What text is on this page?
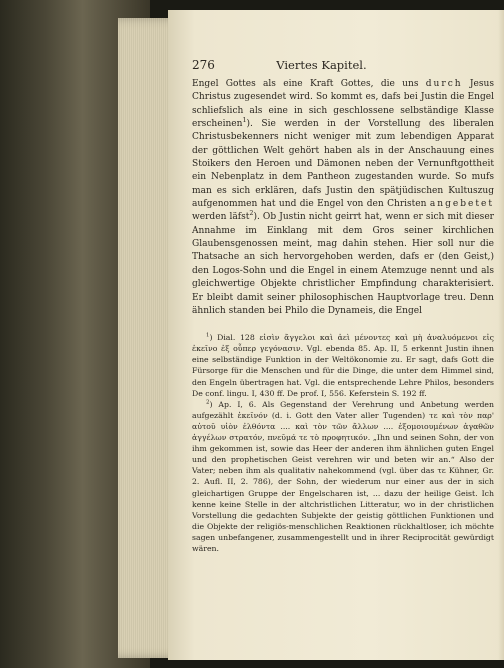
276	Viertes Kapitel.

Engel Gottes als eine Kraft Gottes, die uns durch Jesus Christus zugesendet wird. So kommt es, dafs bei Justin die Engel schliefslich als eine in sich geschlossene selbständige Klasse erscheinen$^1$). Sie werden in der Vorstellung des liberalen Christusbekenners nicht weniger mit zum lebendigen Apparat der göttlichen Welt gehört haben als in der Anschauung eines Stoikers den Heroen und Dämonen neben der Vernunftgottheit ein Nebenplatz in dem Pantheon zugestanden wurde. So mufs man es sich erklären, dafs Justin den spätjüdischen Kultuszug aufgenommen hat und die Engel von den Christen angebetet werden läfst$^2$). Ob Justin nicht geirrt hat, wenn er sich mit dieser Annahme im Einklang mit dem Gros seiner kirchlichen Glaubensgenossen meint, mag dahin stehen. Hier soll nur die Thatsache an sich hervorgehoben werden, dafs er (den Geist,) den Logos-Sohn und die Engel in einem Atemzuge nennt und als gleichwertige Objekte christlicher Empfindung charakterisiert. Er bleibt damit seiner philosophischen Hauptvorlage treu. Denn ähnlich standen bei Philo die Dynameis, die Engel

$^1$) Dial. 128 εἰσὶν ἄγγελοι καὶ ἀεὶ μένοντες καὶ μὴ ἀναλυόμενοι εἰς ἐκεῖνο ἐξ οὗπερ γεγόνασιν. Vgl. ebenda 85. Ap. II, 5 erkennt Justin ihnen eine selbständige Funktion in der Weltökonomie zu. Er sagt, dafs Gott die Fürsorge für die Menschen und für die Dinge, die unter dem Himmel sind, den Engeln übertragen hat. Vgl. die entsprechende Lehre Philos, besonders De conf. lingu. I, 430 ff. De prof. I, 556. Keferstein S. 192 ff.

$^2$) Ap. I, 6. Als Gegenstand der Verehrung und Anbetung werden aufgezählt ἐκεῖνόν (d. i. Gott den Vater aller Tugenden) τε καὶ τὸν παρ' αὐτοῦ υἱὸν ἐλθόντα .... καὶ τὸν τῶν ἄλλων .... ἑξομοιουμένων ἀγαθῶν ἀγγέλων στρατόν, πνεῦμά τε τὸ προφητικόν. „Ihn und seinen Sohn, der von ihm gekommen ist, sowie das Heer der anderen ihm ähnlichen guten Engel und den prophetischen Geist verehren wir und beten wir an.“ Also der Vater; neben ihm als qualitativ nahekommend (vgl. über das τε Kühner, Gr. 2. Aufl. II, 2. 786), der Sohn, der wiederum nur einer aus der in sich gleichartigen Gruppe der Engelscharen ist, ... dazu der heilige Geist. Ich kenne keine Stelle in der altchristlichen Litteratur, wo in der christlichen Vorstellung die gedachten Subjekte der geistig göttlichen Funktionen und die Objekte der religiös-menschlichen Reaktionen rückhaltloser, ich möchte sagen unbefangener, zusammengestellt und in ihrer Reciprocität gewürdigt wären.
